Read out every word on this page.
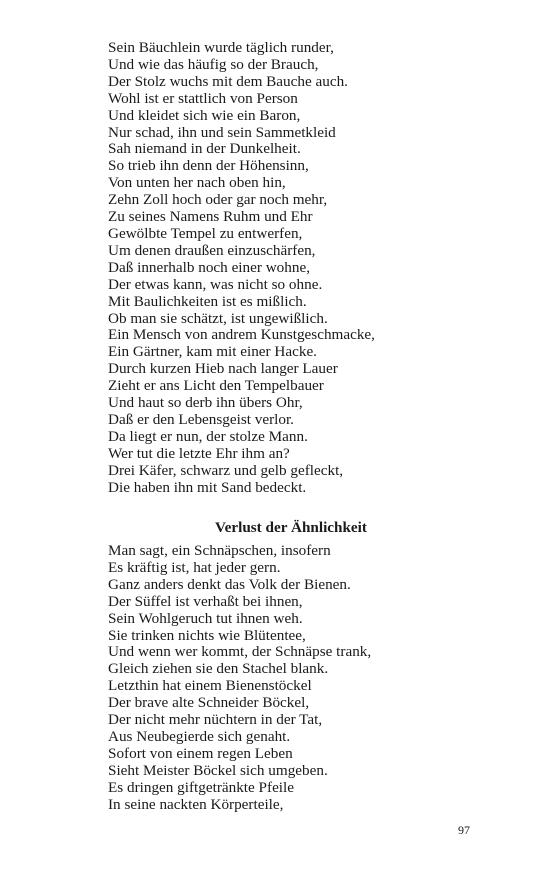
Sein Bäuchlein wurde täglich runder,
Und wie das häufig so der Brauch,
Der Stolz wuchs mit dem Bauche auch.
Wohl ist er stattlich von Person
Und kleidet sich wie ein Baron,
Nur schad, ihn und sein Sammetkleid
Sah niemand in der Dunkelheit.
So trieb ihn denn der Höhensinn,
Von unten her nach oben hin,
Zehn Zoll hoch oder gar noch mehr,
Zu seines Namens Ruhm und Ehr
Gewölbte Tempel zu entwerfen,
Um denen draußen einzuschärfen,
Daß innerhalb noch einer wohne,
Der etwas kann, was nicht so ohne.
Mit Baulichkeiten ist es mißlich.
Ob man sie schätzt, ist ungewißlich.
Ein Mensch von andrem Kunstgeschmacke,
Ein Gärtner, kam mit einer Hacke.
Durch kurzen Hieb nach langer Lauer
Zieht er ans Licht den Tempelbauer
Und haut so derb ihn übers Ohr,
Daß er den Lebensgeist verlor.
Da liegt er nun, der stolze Mann.
Wer tut die letzte Ehr ihm an?
Drei Käfer, schwarz und gelb gefleckt,
Die haben ihn mit Sand bedeckt.
Verlust der Ähnlichkeit
Man sagt, ein Schnäpschen, insofern
Es kräftig ist, hat jeder gern.
Ganz anders denkt das Volk der Bienen.
Der Süffel ist verhaßt bei ihnen,
Sein Wohlgeruch tut ihnen weh.
Sie trinken nichts wie Blütentee,
Und wenn wer kommt, der Schnäpse trank,
Gleich ziehen sie den Stachel blank.
Letzthin hat einem Bienenstöckel
Der brave alte Schneider Böckel,
Der nicht mehr nüchtern in der Tat,
Aus Neubegierde sich genaht.
Sofort von einem regen Leben
Sieht Meister Böckel sich umgeben.
Es dringen giftgetränkte Pfeile
In seine nackten Körperteile,
97
